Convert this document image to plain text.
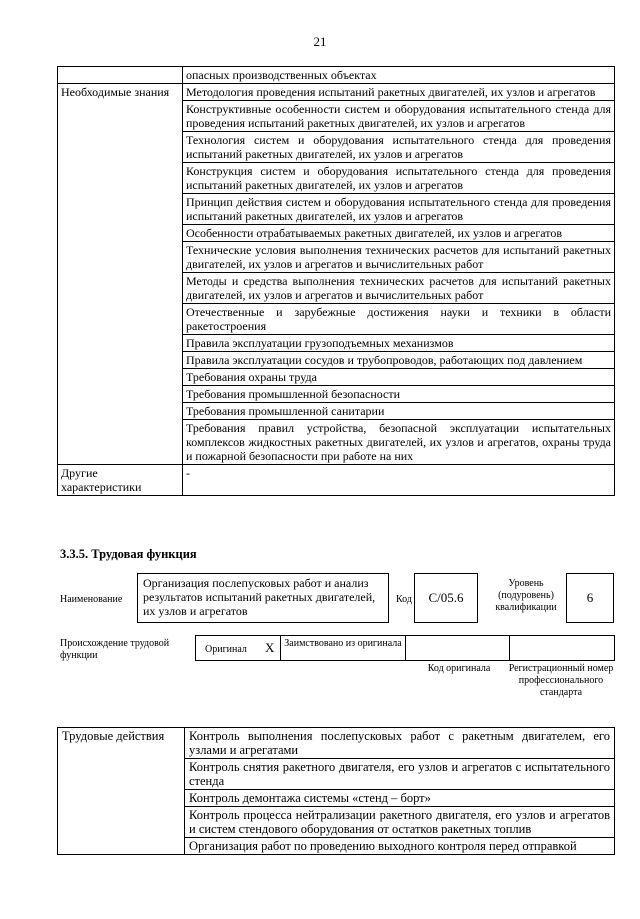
21
	опасных производственных объектах
Необходимые знания	Методология проведения испытаний ракетных двигателей, их узлов и агрегатов
	Конструктивные особенности систем и оборудования испытательного стенда для проведения испытаний ракетных двигателей, их узлов и агрегатов
	Технология систем и оборудования испытательного стенда для проведения испытаний ракетных двигателей, их узлов и агрегатов
	Конструкция систем и оборудования испытательного стенда для проведения испытаний ракетных двигателей, их узлов и агрегатов
	Принцип действия систем и оборудования испытательного стенда для проведения испытаний ракетных двигателей, их узлов и агрегатов
	Особенности отрабатываемых ракетных двигателей, их узлов и агрегатов
	Технические условия выполнения технических расчетов для испытаний ракетных двигателей, их узлов и агрегатов и вычислительных работ
	Методы и средства выполнения технических расчетов для испытаний ракетных двигателей, их узлов и агрегатов и вычислительных работ
	Отечественные и зарубежные достижения науки и техники в области ракетостроения
	Правила эксплуатации грузоподъемных механизмов
	Правила эксплуатации сосудов и трубопроводов, работающих под давлением
	Требования охраны труда
	Требования промышленной безопасности
	Требования промышленной санитарии
	Требования правил устройства, безопасной эксплуатации испытательных комплексов жидкостных ракетных двигателей, их узлов и агрегатов, охраны труда и пожарной безопасности при работе на них
Другие характеристики	-
3.3.5. Трудовая функция
Наименование
Организация послепусковых работ и анализ результатов испытаний ракетных двигателей, их узлов и агрегатов
Код	С/05.6
Уровень (подуровень) квалификации
6
Происхождение трудовой функции
Оригинал X Заимствовано из оригинала
Код оригинала	Регистрационный номер профессионального стандарта
Трудовые действия	Контроль выполнения послепусковых работ с ракетным двигателем, его узлами и агрегатами
Контроль снятия ракетного двигателя, его узлов и агрегатов с испытательного стенда
Контроль демонтажа системы «стенд – борт»
Контроль процесса нейтрализации ракетного двигателя, его узлов и агрегатов и систем стендового оборудования от остатков ракетных топлив
Организация работ по проведению выходного контроля перед отправкой
